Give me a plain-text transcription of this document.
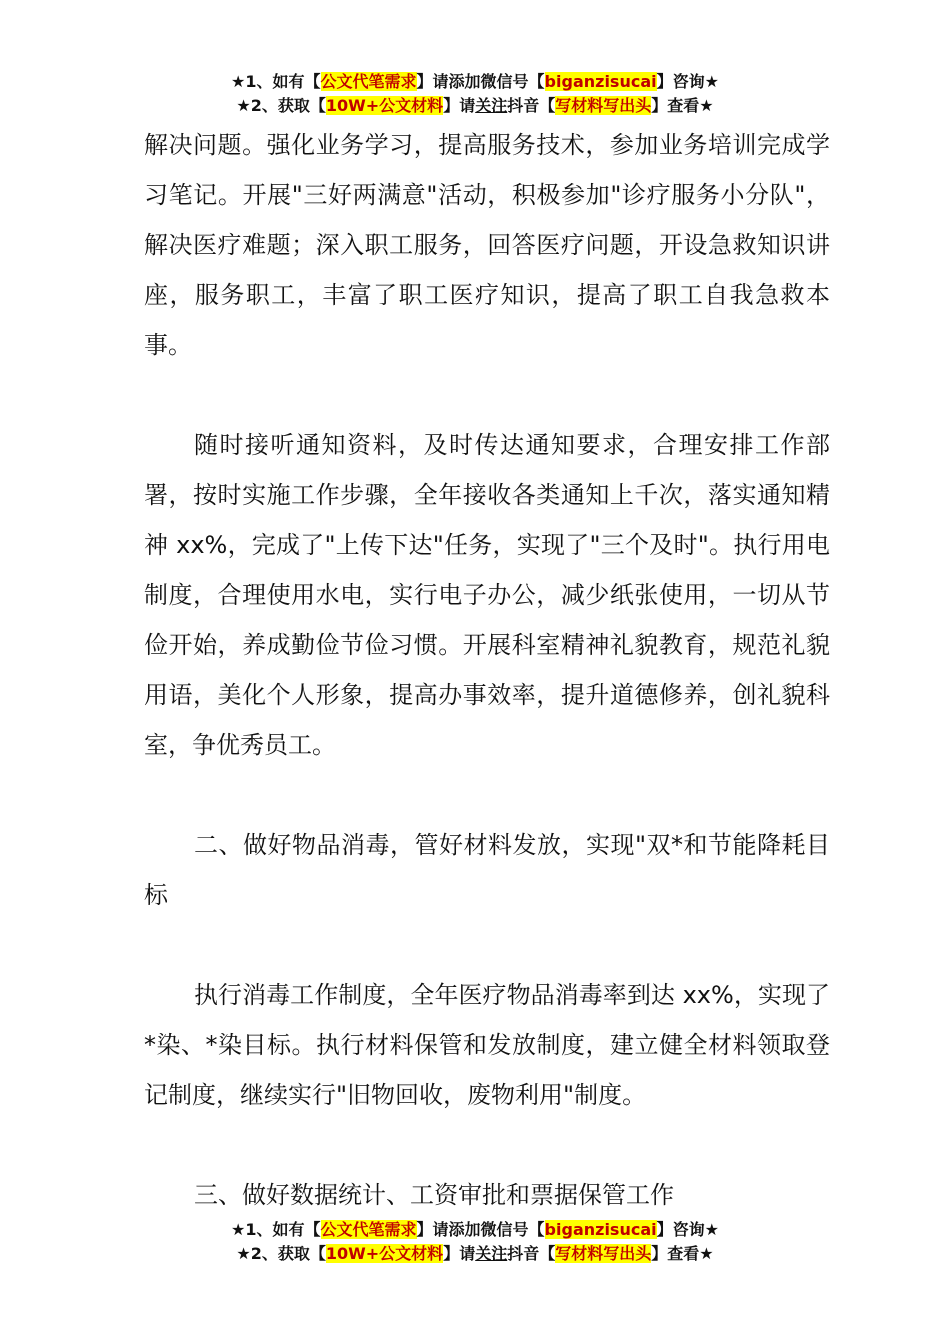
★1、如有【公文代笔需求】请添加微信号【biganzisucai】咨询★
★2、获取【10W+公文材料】请关注抖音【写材料写出头】查看★

解决问题。强化业务学习，提高服务技术，参加业务培训完成学习笔记。开展"三好两满意"活动，积极参加"诊疗服务小分队"，解决医疗难题；深入职工服务，回答医疗问题，开设急救知识讲座，服务职工，丰富了职工医疗知识，提高了职工自我急救本事。

随时接听通知资料，及时传达通知要求，合理安排工作部署，按时实施工作步骤，全年接收各类通知上千次，落实通知精神 xx%，完成了"上传下达"任务，实现了"三个及时"。执行用电制度，合理使用水电，实行电子办公，减少纸张使用，一切从节俭开始，养成勤俭节俭习惯。开展科室精神礼貌教育，规范礼貌用语，美化个人形象，提高办事效率，提升道德修养，创礼貌科室，争优秀员工。

二、做好物品消毒，管好材料发放，实现"双*和节能降耗目标

执行消毒工作制度，全年医疗物品消毒率到达 xx%，实现了*染、*染目标。执行材料保管和发放制度，建立健全材料领取登记制度，继续实行"旧物回收，废物利用"制度。

三、做好数据统计、工资审批和票据保管工作

★1、如有【公文代笔需求】请添加微信号【biganzisucai】咨询★
★2、获取【10W+公文材料】请关注抖音【写材料写出头】查看★
